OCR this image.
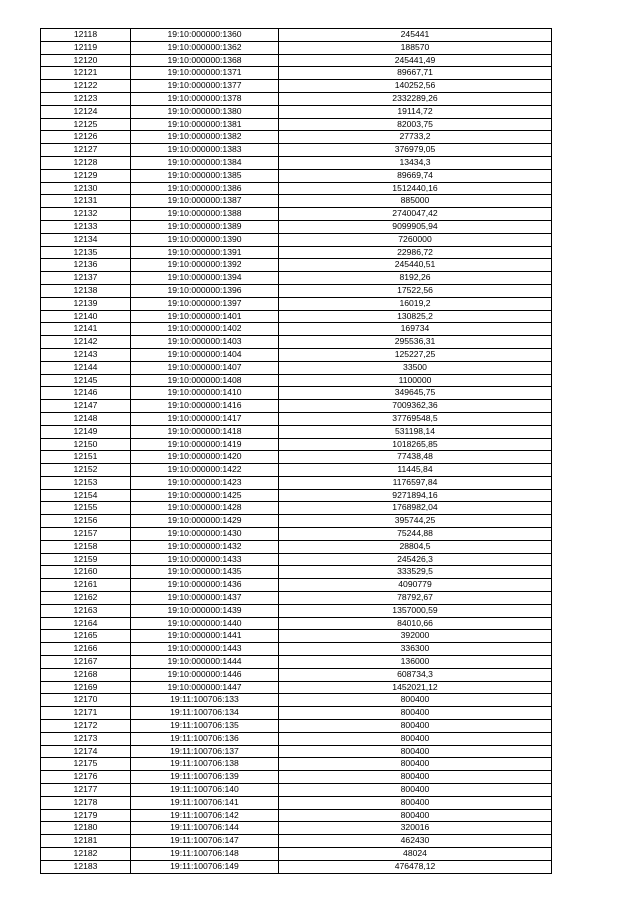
12118	19:10:000000:1360	245441
12119	19:10:000000:1362	188570
12120	19:10:000000:1368	245441,49
12121	19:10:000000:1371	89667,71
12122	19:10:000000:1377	140252,56
12123	19:10:000000:1378	2332289,26
12124	19:10:000000:1380	19114,72
12125	19:10:000000:1381	82003,75
12126	19:10:000000:1382	27733,2
12127	19:10:000000:1383	376979,05
12128	19:10:000000:1384	13434,3
12129	19:10:000000:1385	89669,74
12130	19:10:000000:1386	1512440,16
12131	19:10:000000:1387	885000
12132	19:10:000000:1388	2740047,42
12133	19:10:000000:1389	9099905,94
12134	19:10:000000:1390	7260000
12135	19:10:000000:1391	22986,72
12136	19:10:000000:1392	245440,51
12137	19:10:000000:1394	8192,26
12138	19:10:000000:1396	17522,56
12139	19:10:000000:1397	16019,2
12140	19:10:000000:1401	130825,2
12141	19:10:000000:1402	169734
12142	19:10:000000:1403	295536,31
12143	19:10:000000:1404	125227,25
12144	19:10:000000:1407	33500
12145	19:10:000000:1408	1100000
12146	19:10:000000:1410	349645,75
12147	19:10:000000:1416	7009362,36
12148	19:10:000000:1417	37769548,5
12149	19:10:000000:1418	531198,14
12150	19:10:000000:1419	1018265,85
12151	19:10:000000:1420	77438,48
12152	19:10:000000:1422	11445,84
12153	19:10:000000:1423	1176597,84
12154	19:10:000000:1425	9271894,16
12155	19:10:000000:1428	1768982,04
12156	19:10:000000:1429	395744,25
12157	19:10:000000:1430	75244,88
12158	19:10:000000:1432	28804,5
12159	19:10:000000:1433	245426,3
12160	19:10:000000:1435	333529,5
12161	19:10:000000:1436	4090779
12162	19:10:000000:1437	78792,67
12163	19:10:000000:1439	1357000,59
12164	19:10:000000:1440	84010,66
12165	19:10:000000:1441	392000
12166	19:10:000000:1443	336300
12167	19:10:000000:1444	136000
12168	19:10:000000:1446	608734,3
12169	19:10:000000:1447	1452021,12
12170	19:11:100706:133	800400
12171	19:11:100706:134	800400
12172	19:11:100706:135	800400
12173	19:11:100706:136	800400
12174	19:11:100706:137	800400
12175	19:11:100706:138	800400
12176	19:11:100706:139	800400
12177	19:11:100706:140	800400
12178	19:11:100706:141	800400
12179	19:11:100706:142	800400
12180	19:11:100706:144	320016
12181	19:11:100706:147	462430
12182	19:11:100706:148	48024
12183	19:11:100706:149	476478,12
